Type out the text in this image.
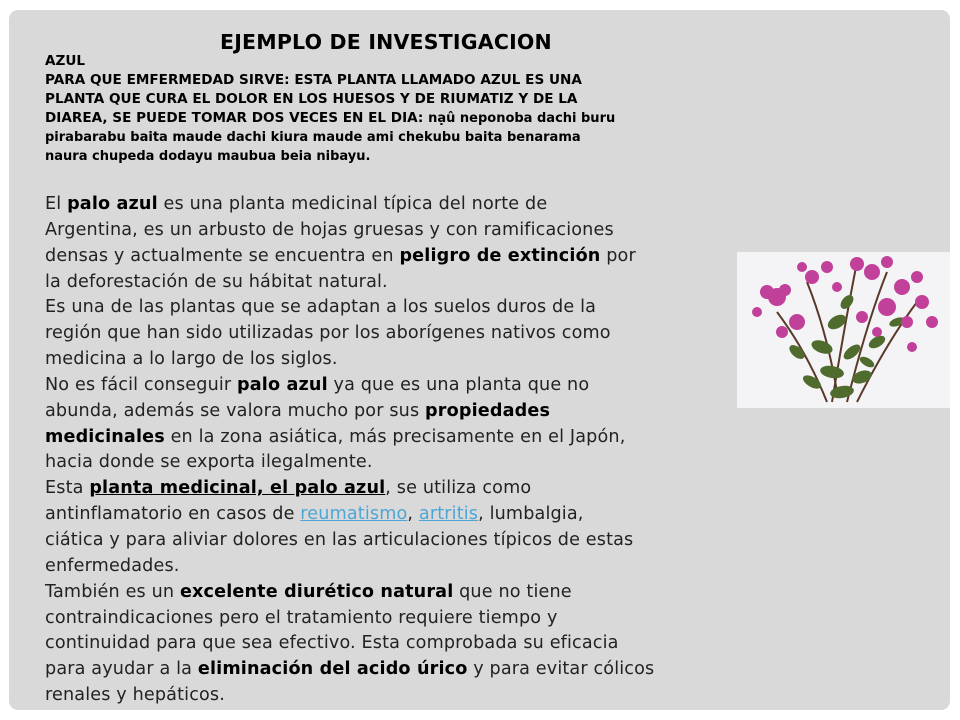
EJEMPLO DE INVESTIGACION
AZUL
PARA QUE EMFERMEDAD SIRVE: ESTA PLANTA LLAMADO AZUL ES UNA
PLANTA QUE CURA EL DOLOR EN LOS HUESOS Y DE RIUMATIZ Y DE LA
DIAREA, SE PUEDE TOMAR DOS VECES EN EL DIA: nạû neponoba dachi buru
pirabarabu baita maude dachi kiura maude ami chekubu baita benarama
naura chupeda dodayu maubua beia nibayu.
El palo azul es una planta medicinal típica del norte de
Argentina, es un arbusto de hojas gruesas y con ramificaciones
densas y actualmente se encuentra en peligro de extinción por
la deforestación de su hábitat natural.
Es una de las plantas que se adaptan a los suelos duros de la
región que han sido utilizadas por los aborígenes nativos como
medicina a lo largo de los siglos.
No es fácil conseguir palo azul ya que es una planta que no
abunda, además se valora mucho por sus propiedades
medicinales en la zona asiática, más precisamente en el Japón,
hacia donde se exporta ilegalmente.
Esta planta medicinal, el palo azul, se utiliza como
antinflamatorio en casos de reumatismo, artritis, lumbalgia,
ciática y para aliviar dolores en las articulaciones típicos de estas
enfermedades.
También es un excelente diurético natural que no tiene
contraindicaciones pero el tratamiento requiere tiempo y
continuidad para que sea efectivo. Esta comprobada su eficacia
para ayudar a la eliminación del acido úrico y para evitar cólicos
renales y hepáticos.
